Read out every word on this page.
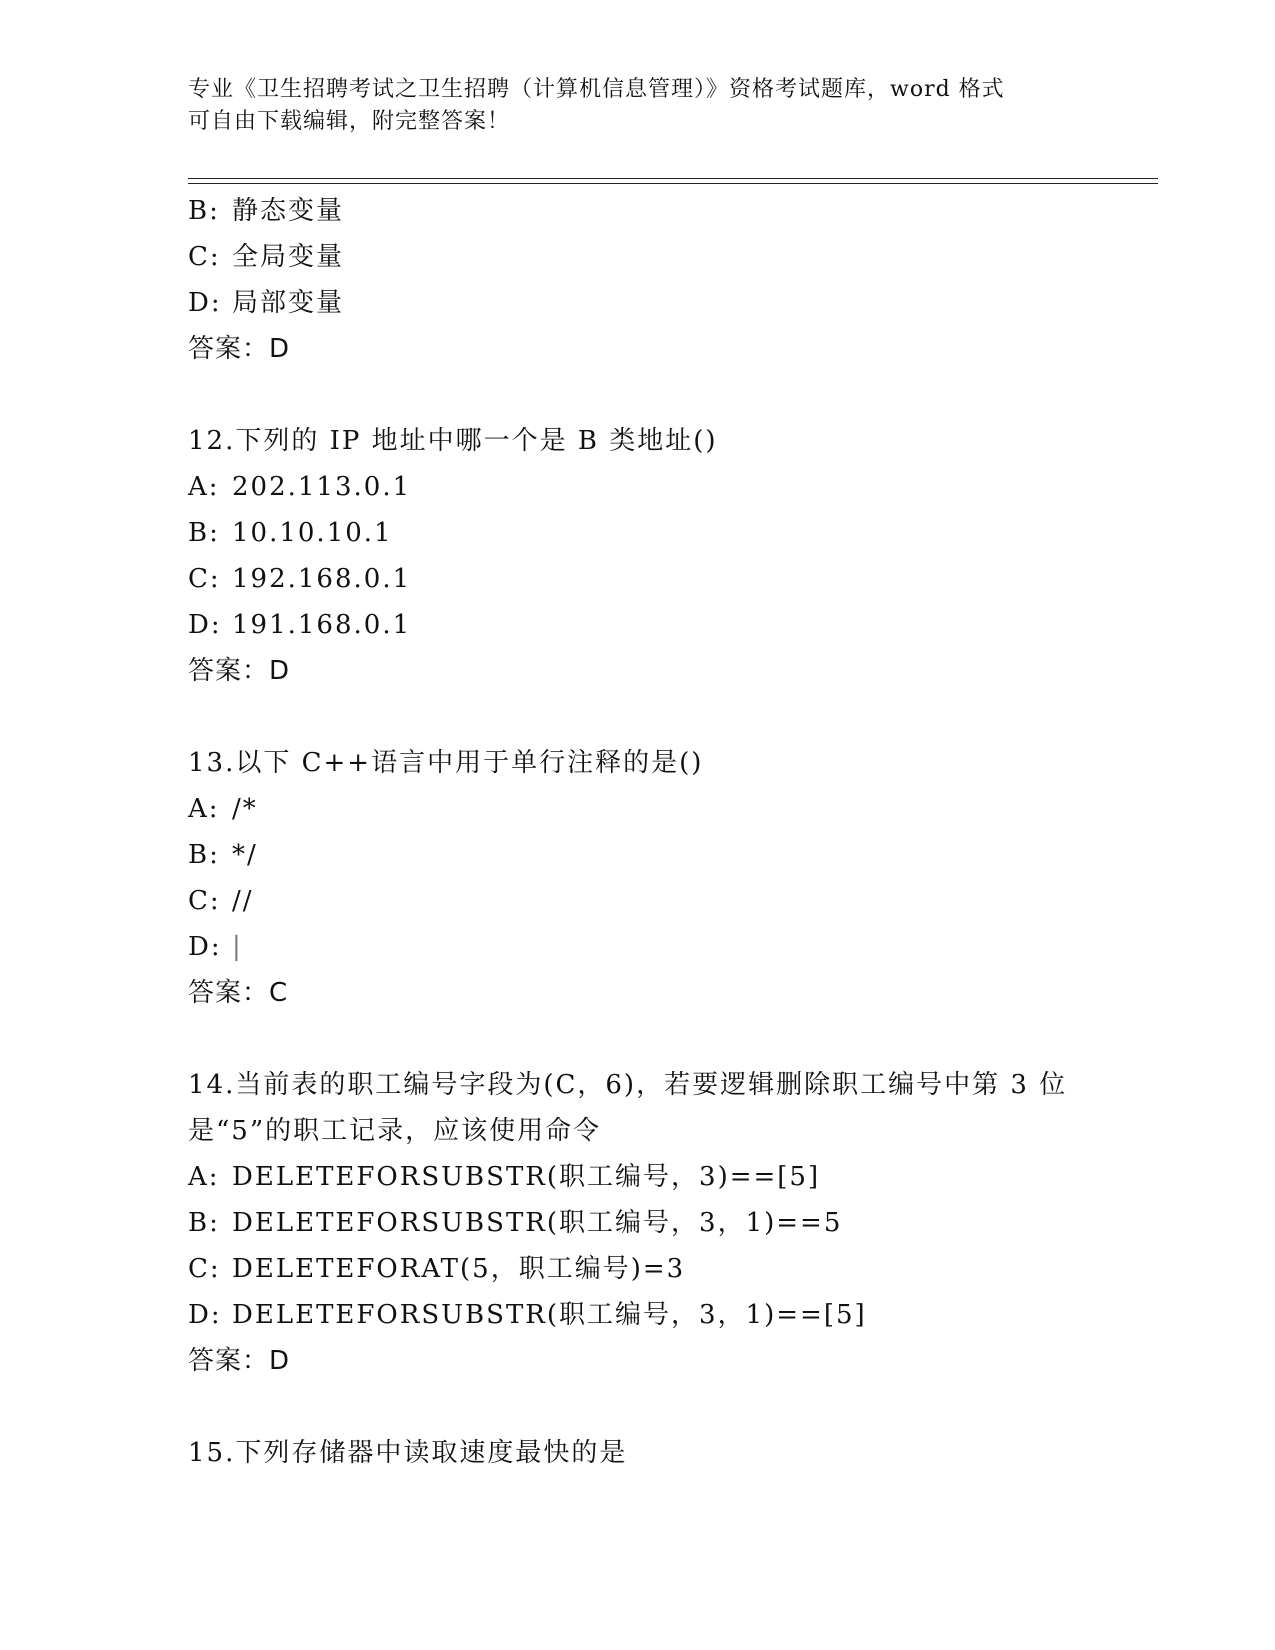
专业《卫生招聘考试之卫生招聘（计算机信息管理）》资格考试题库，word 格式
可自由下载编辑，附完整答案！
B: 静态变量
C: 全局变量
D: 局部变量
答案：D
12.下列的 IP 地址中哪一个是 B 类地址()
A: 202.113.0.1
B: 10.10.10.1
C: 192.168.0.1
D: 191.168.0.1
答案：D
13.以下 C++语言中用于单行注释的是()
A: /*
B: */
C: //
D: |
答案：C
14.当前表的职工编号字段为(C，6)，若要逻辑删除职工编号中第 3 位
是“5”的职工记录，应该使用命令
A: DELETEFORSUBSTR(职工编号，3)==[5]
B: DELETEFORSUBSTR(职工编号，3，1)==5
C: DELETEFORAT(5，职工编号)=3
D: DELETEFORSUBSTR(职工编号，3，1)==[5]
答案：D
15.下列存储器中读取速度最快的是
